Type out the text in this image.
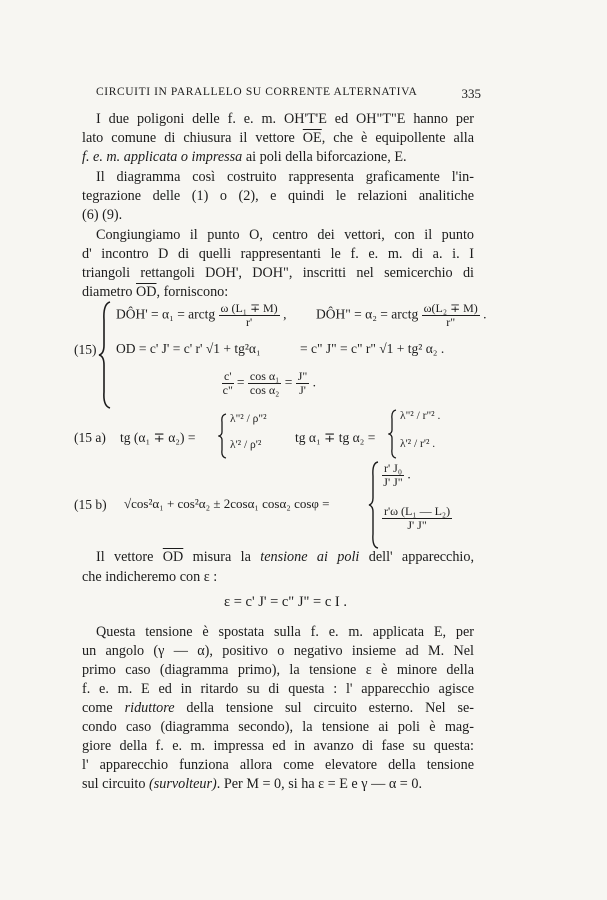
CIRCUITI IN PARALLELO SU CORRENTE ALTERNATIVA	335
I due poligoni delle f. e. m. OH'T'E ed OH"T"E hanno per
lato comune di chiusura il vettore $\overline{OE}$, che è equipollente alla
f. e. m. applicata o impressa ai poli della biforcazione, E.
Il diagramma così costruito rappresenta graficamente l'in-
tegrazione delle (1) o (2), e quindi le relazioni analitiche
(6) (9).
Congiungiamo il punto O, centro dei vettori, con il punto
d' incontro D di quelli rappresentanti le f. e. m. di a. i. I
triangoli rettangoli DOH', DOH", inscritti nel semicerchio di
diametro $\overline{OD}$, forniscono:
(15)
DÔH' = α₁ = arctg $\frac{\text{ω (L₁ ∓ M)}}{r'}$ , DÔH" = α₂ = arctg $\frac{\text{ω(L₂ ∓ M)}}{r"}$ .
OD = c' J' = c' r' √1 + tg²α₁	= c" J" = c" r" √1 + tg² α₂ .
$\frac{c'}{c"} = \frac{\text{cos α₁}}{\text{cos α₂}} = \frac{J"}{J'}$ .
(15 a) tg (α₁ ∓ α₂) =
λ"² / ρ"²
λ'² / ρ'² tg α₁ ∓ tg α₂ =
λ"² / r"² .
λ'² / r'² .
(15 b) √cos²α₁ + cos²α₂ ± 2cosα₁ cosα₂ cosφ =
$\frac{\text{r' J₀}}{J' J"}$ .
$\frac{\text{r'ω (L₁ — L₂)}}{J' J"}$
Il vettore $\overline{OD}$ misura la tensione ai poli dell' apparecchio,
che indicheremo con ε :
ε = c' J' = c" J" = c I .
Questa tensione è spostata sulla f. e. m. applicata E, per
un angolo (γ — α), positivo o negativo insieme ad M. Nel
primo caso (diagramma primo), la tensione ε è minore della
f. e. m. E ed in ritardo su di questa : l' apparecchio agisce
come riduttore della tensione sul circuito esterno. Nel se-
condo caso (diagramma secondo), la tensione ai poli è mag-
giore della f. e. m. impressa ed in avanzo di fase su questa:
l' apparecchio funziona allora come elevatore della tensione
sul circuito (survolteur). Per M = 0, si ha ε = E e γ — α = 0.
